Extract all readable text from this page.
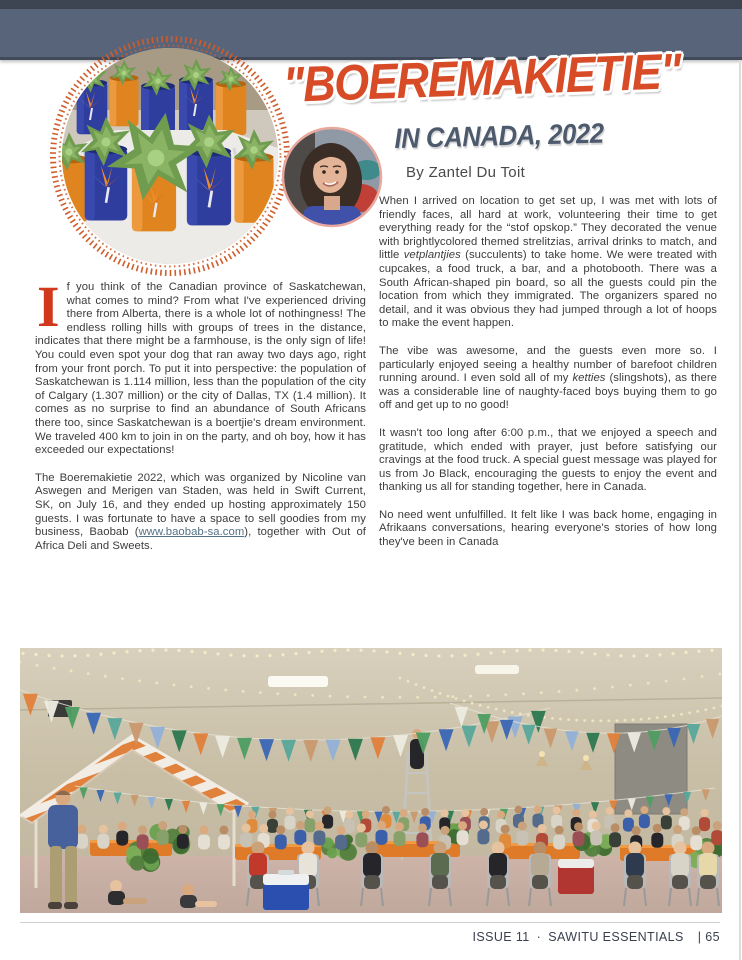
"BOEREMAKIETIE"
IN CANADA, 2022
By Zantel Du Toit

If you think of the Canadian province of Saskatchewan, what comes to mind? From what I've experienced driving there from Alberta, there is a whole lot of nothingness! The endless rolling hills with groups of trees in the distance, indicates that there might be a farmhouse, is the only sign of life! You could even spot your dog that ran away two days ago, right from your front porch. To put it into perspective: the population of Saskatchewan is 1.114 million, less than the population of the city of Calgary (1.307 million) or the city of Dallas, TX (1.4 million). It comes as no surprise to find an abundance of South Africans there too, since Saskatchewan is a boertjie's dream environment. We traveled 400 km to join in on the party, and oh boy, how it has exceeded our expectations!

The Boeremakietie 2022, which was organized by Nicoline van Aswegen and Merigen van Staden, was held in Swift Current, SK, on July 16, and they ended up hosting approximately 150 guests. I was fortunate to have a space to sell goodies from my business, Baobab (www.baobab-sa.com), together with Out of Africa Deli and Sweets.

When I arrived on location to get set up, I was met with lots of friendly faces, all hard at work, volunteering their time to get everything ready for the “stof opskop.” They decorated the venue with brightlycolored themed strelitzias, arrival drinks to match, and little vetplantjies (succulents) to take home. We were treated with cupcakes, a food truck, a bar, and a photobooth. There was a South African-shaped pin board, so all the guests could pin the location from which they immigrated. The organizers spared no detail, and it was obvious they had jumped through a lot of hoops to make the event happen.

The vibe was awesome, and the guests even more so. I particularly enjoyed seeing a healthy number of barefoot children running around. I even sold all of my ketties (slingshots), as there was a considerable line of naughty-faced boys buying them to go off and get up to no good!

It wasn't too long after 6:00 p.m., that we enjoyed a speech and gratitude, which ended with prayer, just before satisfying our cravings at the food truck. A special guest message was played for us from Jo Black, encouraging the guests to enjoy the event and thanking us all for standing together, here in Canada.

No need went unfulfilled. It felt like I was back home, engaging in Afrikaans conversations, hearing everyone's stories of how long they've been in Canada

ISSUE 11 · SAWITU ESSENTIALS | 65
